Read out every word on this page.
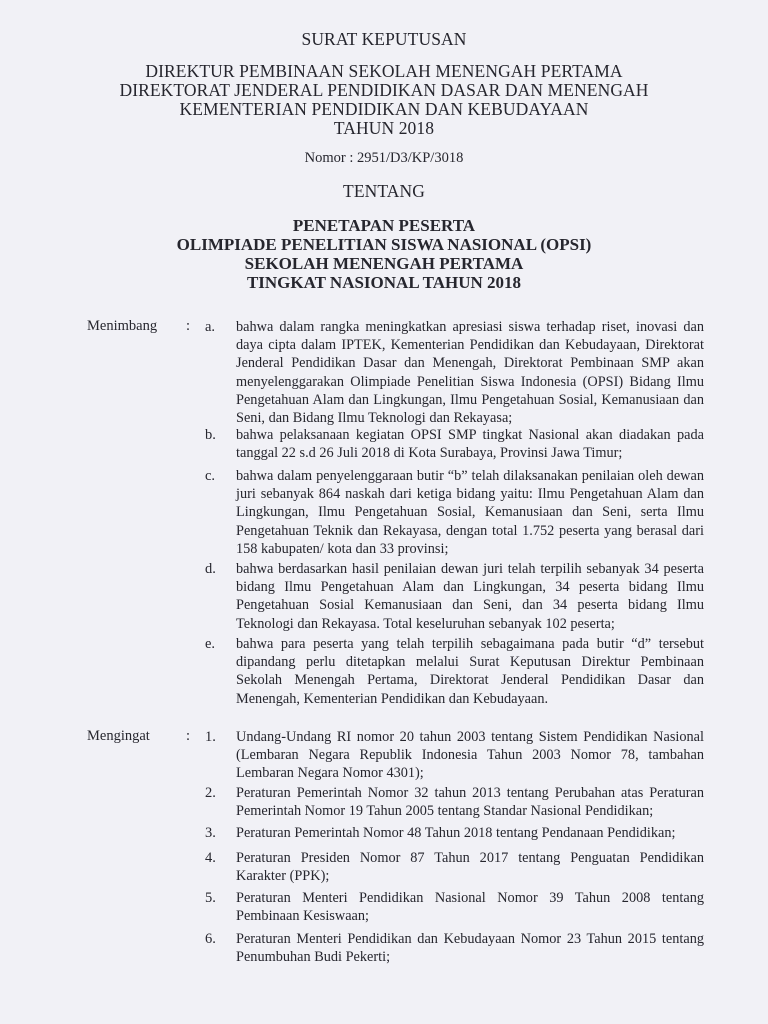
SURAT KEPUTUSAN
DIREKTUR PEMBINAAN SEKOLAH MENENGAH PERTAMA
DIREKTORAT JENDERAL PENDIDIKAN DASAR DAN MENENGAH
KEMENTERIAN PENDIDIKAN DAN KEBUDAYAAN
TAHUN 2018
Nomor : 2951/D3/KP/3018
TENTANG
PENETAPAN PESERTA
OLIMPIADE PENELITIAN SISWA NASIONAL (OPSI)
SEKOLAH MENENGAH PERTAMA
TINGKAT NASIONAL TAHUN 2018
Menimbang : a.	bahwa dalam rangka meningkatkan apresiasi siswa terhadap riset, inovasi dan daya cipta dalam IPTEK, Kementerian Pendidikan dan Kebudayaan, Direktorat Jenderal Pendidikan Dasar dan Menengah, Direktorat Pembinaan SMP akan menyelenggarakan Olimpiade Penelitian Siswa Indonesia (OPSI) Bidang Ilmu Pengetahuan Alam dan Lingkungan, Ilmu Pengetahuan Sosial, Kemanusiaan dan Seni, dan Bidang Ilmu Teknologi dan Rekayasa;

b.	bahwa pelaksanaan kegiatan OPSI SMP tingkat Nasional akan diadakan pada tanggal 22 s.d 26 Juli 2018 di Kota Surabaya, Provinsi Jawa Timur;

c.	bahwa dalam penyelenggaraan butir “b” telah dilaksanakan penilaian oleh dewan juri sebanyak 864 naskah dari ketiga bidang yaitu: Ilmu Pengetahuan Alam dan Lingkungan, Ilmu Pengetahuan Sosial, Kemanusiaan dan Seni, serta Ilmu Pengetahuan Teknik dan Rekayasa, dengan total 1.752 peserta yang berasal dari 158 kabupaten/ kota dan 33 provinsi;

d.	bahwa berdasarkan hasil penilaian dewan juri telah terpilih sebanyak 34 peserta bidang Ilmu Pengetahuan Alam dan Lingkungan, 34 peserta bidang Ilmu Pengetahuan Sosial Kemanusiaan dan Seni, dan 34 peserta bidang Ilmu Teknologi dan Rekayasa. Total keseluruhan sebanyak 102 peserta;

e.	bahwa para peserta yang telah terpilih sebagaimana pada butir “d” tersebut dipandang perlu ditetapkan melalui Surat Keputusan Direktur Pembinaan Sekolah Menengah Pertama, Direktorat Jenderal Pendidikan Dasar dan Menengah, Kementerian Pendidikan dan Kebudayaan.

Mengingat : 1.	Undang-Undang RI nomor 20 tahun 2003 tentang Sistem Pendidikan Nasional (Lembaran Negara Republik Indonesia Tahun 2003 Nomor 78, tambahan Lembaran Negara Nomor 4301);

2.	Peraturan Pemerintah Nomor 32 tahun 2013 tentang Perubahan atas Peraturan Pemerintah Nomor 19 Tahun 2005 tentang Standar Nasional Pendidikan;

3.	Peraturan Pemerintah Nomor 48 Tahun 2018 tentang Pendanaan Pendidikan;

4.	Peraturan Presiden Nomor 87 Tahun 2017 tentang Penguatan Pendidikan Karakter (PPK);

5.	Peraturan Menteri Pendidikan Nasional Nomor 39 Tahun 2008 tentang Pembinaan Kesiswaan;

6.	Peraturan Menteri Pendidikan dan Kebudayaan Nomor 23 Tahun 2015 tentang Penumbuhan Budi Pekerti;
